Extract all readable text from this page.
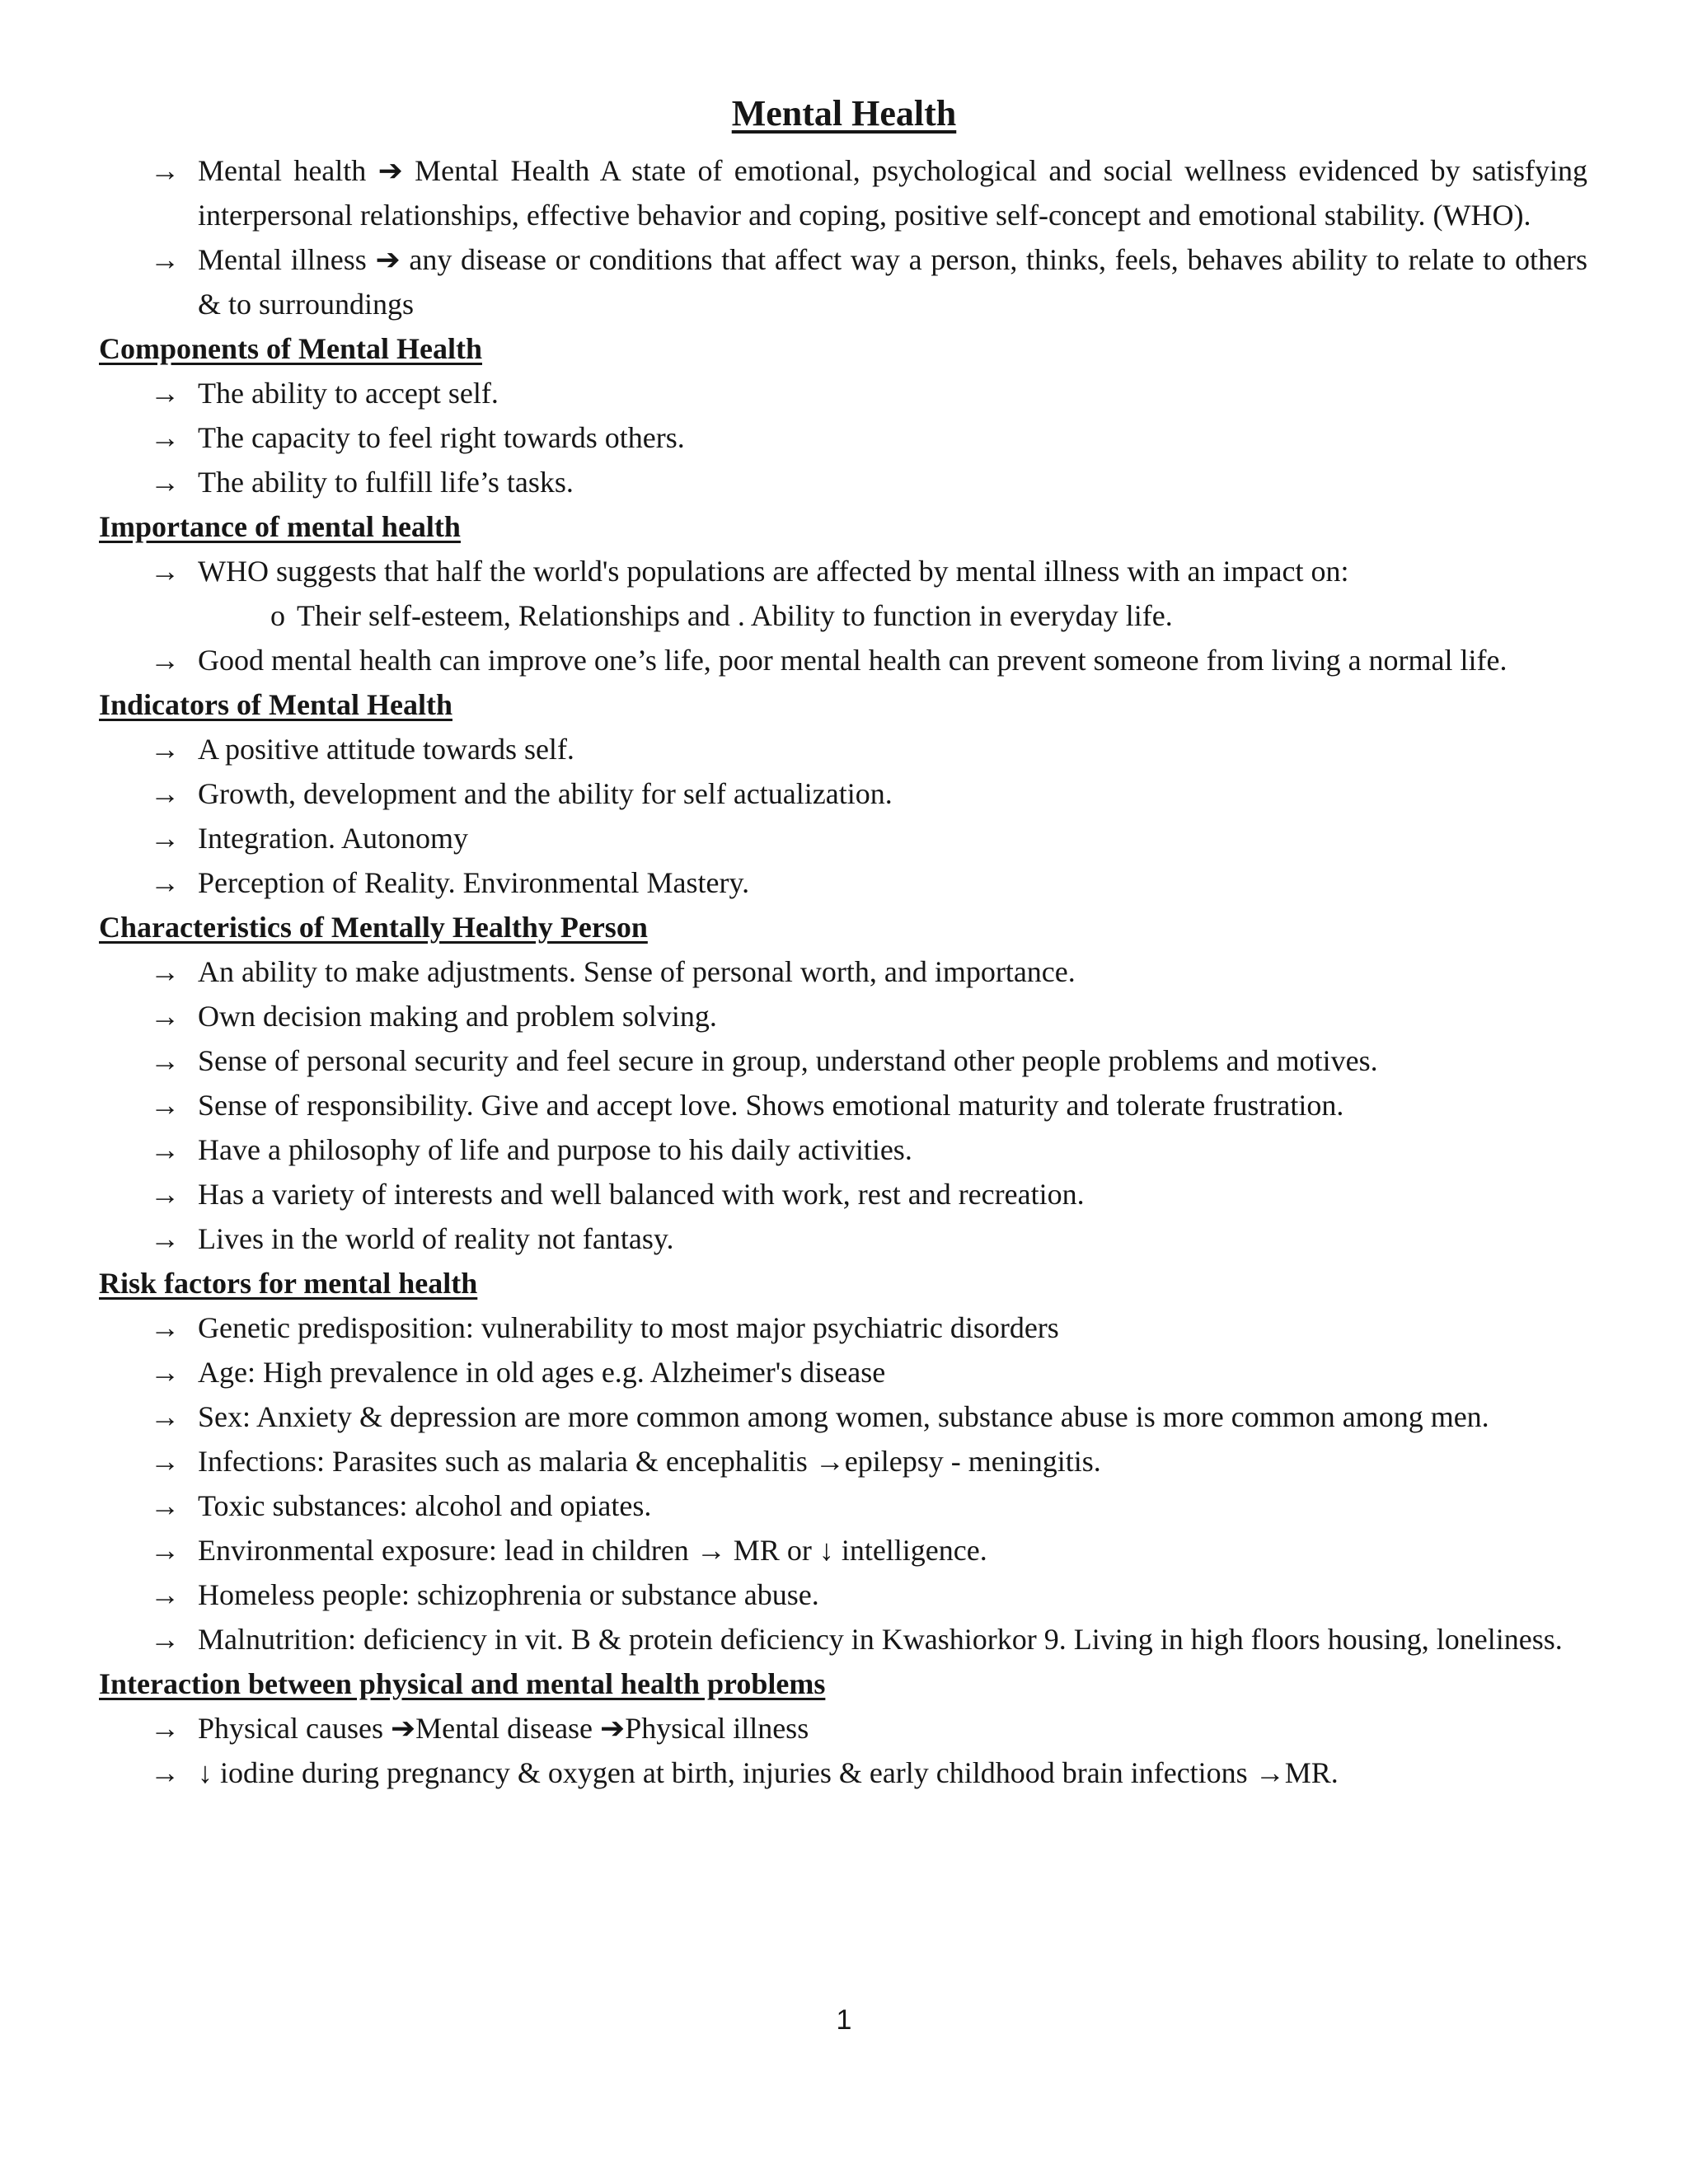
Mental Health
→ Mental health ➔ Mental Health A state of emotional, psychological and social wellness evidenced by satisfying interpersonal relationships, effective behavior and coping, positive self-concept and emotional stability. (WHO).
→ Mental illness ➔ any disease or conditions that affect way a person, thinks, feels, behaves ability to relate to others & to surroundings
Components of Mental Health
→ The ability to accept self.
→ The capacity to feel right towards others.
→ The ability to fulfill life’s tasks.
Importance of mental health
→ WHO suggests that half the world's populations are affected by mental illness with an impact on:
o Their self-esteem, Relationships and . Ability to function in everyday life.
→ Good mental health can improve one’s life, poor mental health can prevent someone from living a normal life.
Indicators of Mental Health
→ A positive attitude towards self.
→ Growth, development and the ability for self actualization.
→ Integration. Autonomy
→ Perception of Reality. Environmental Mastery.
Characteristics of Mentally Healthy Person
→ An ability to make adjustments. Sense of personal worth, and importance.
→ Own decision making and problem solving.
→ Sense of personal security and feel secure in group, understand other people problems and motives.
→ Sense of responsibility. Give and accept love. Shows emotional maturity and tolerate frustration.
→ Have a philosophy of life and purpose to his daily activities.
→ Has a variety of interests and well balanced with work, rest and recreation.
→ Lives in the world of reality not fantasy.
Risk factors for mental health
→ Genetic predisposition: vulnerability to most major psychiatric disorders
→ Age: High prevalence in old ages e.g. Alzheimer's disease
→ Sex: Anxiety & depression are more common among women, substance abuse is more common among men.
→ Infections: Parasites such as malaria & encephalitis →epilepsy - meningitis.
→ Toxic substances: alcohol and opiates.
→ Environmental exposure: lead in children → MR or ↓ intelligence.
→ Homeless people: schizophrenia or substance abuse.
→ Malnutrition: deficiency in vit. B & protein deficiency in Kwashiorkor 9. Living in high floors housing, loneliness.
Interaction between physical and mental health problems
→ Physical causes ➔Mental disease ➔Physical illness
→ ↓ iodine during pregnancy & oxygen at birth, injuries & early childhood brain infections →MR.
1
